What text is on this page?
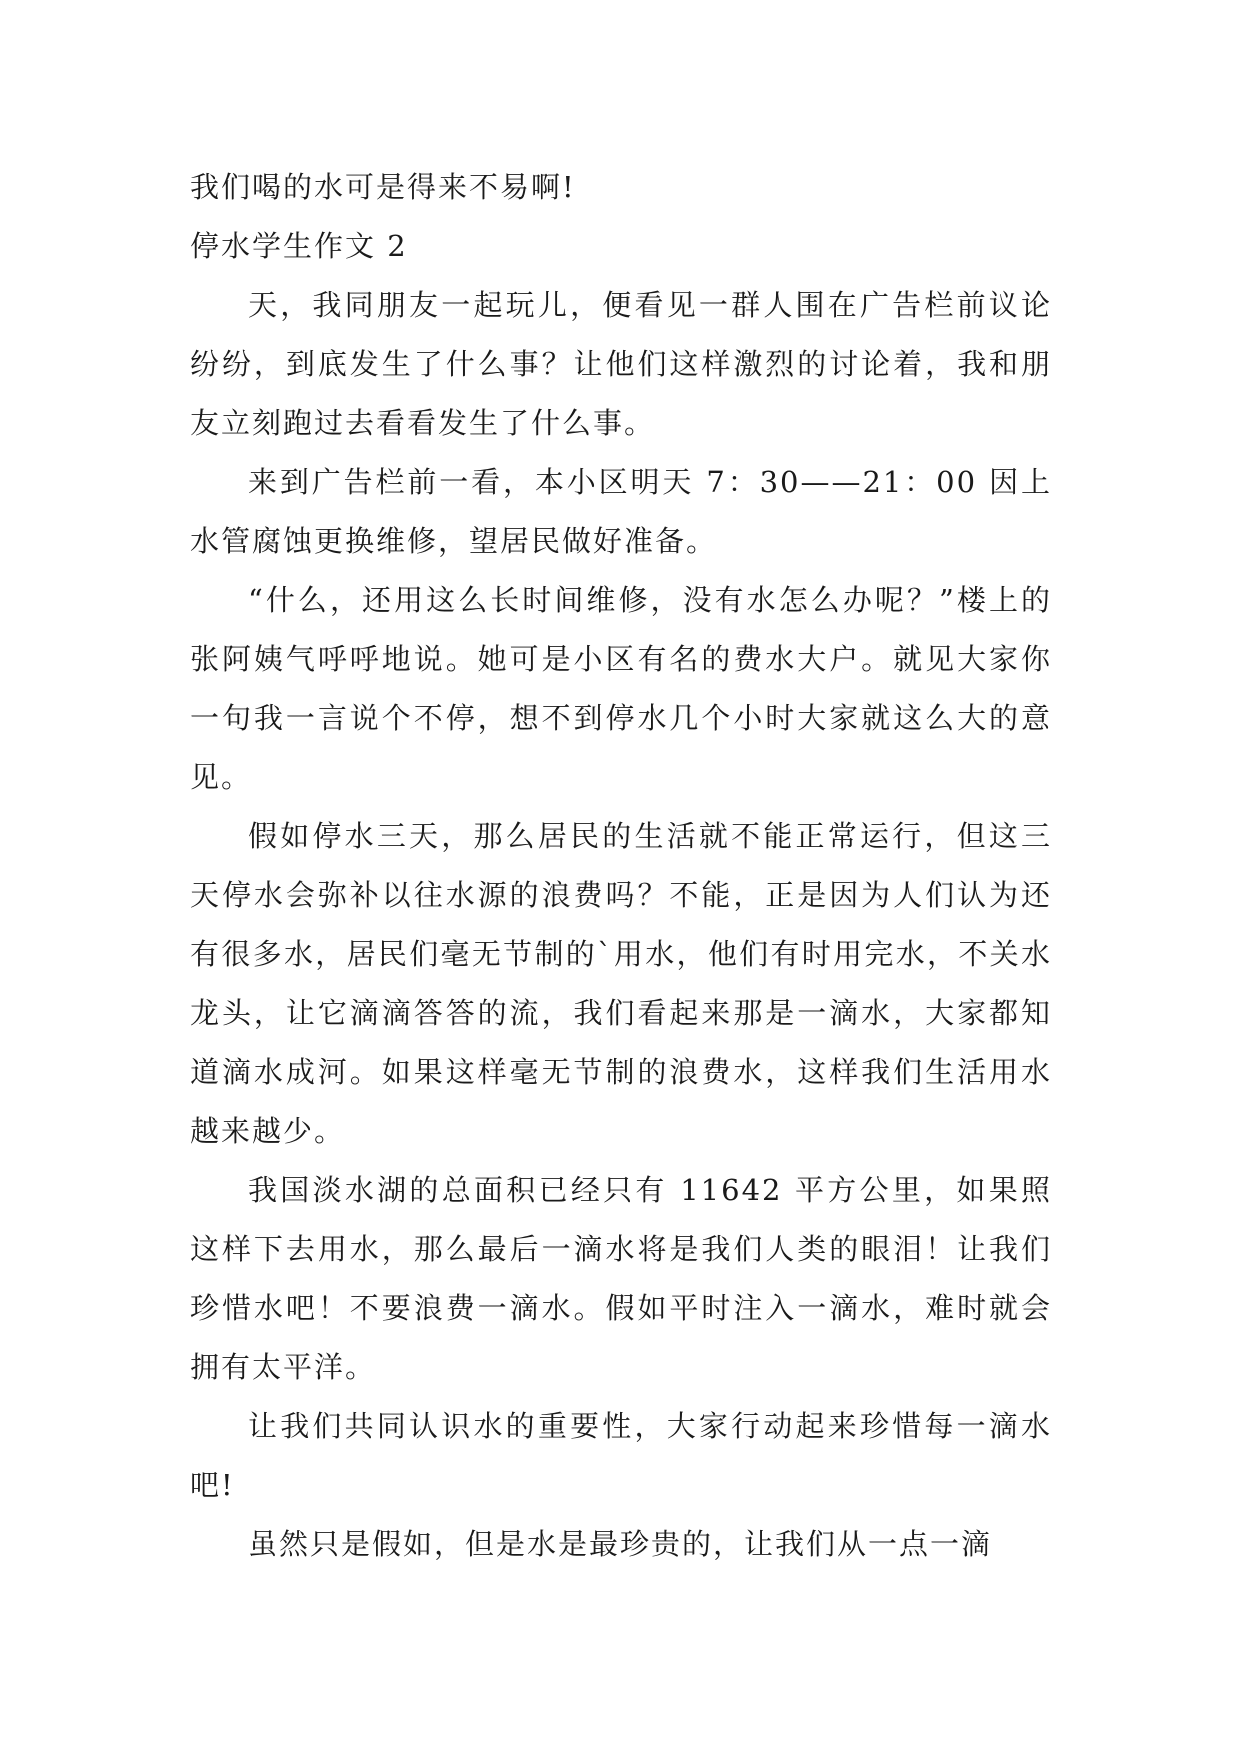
我们喝的水可是得来不易啊!

停水学生作文 2

天，我同朋友一起玩儿，便看见一群人围在广告栏前议论纷纷，到底发生了什么事？让他们这样激烈的讨论着，我和朋友立刻跑过去看看发生了什么事。

来到广告栏前一看，本小区明天 7：30——21：00 因上水管腐蚀更换维修，望居民做好准备。

“什么，还用这么长时间维修，没有水怎么办呢？”楼上的张阿姨气呼呼地说。她可是小区有名的费水大户。就见大家你一句我一言说个不停，想不到停水几个小时大家就这么大的意见。

假如停水三天，那么居民的生活就不能正常运行，但这三天停水会弥补以往水源的浪费吗？不能，正是因为人们认为还有很多水，居民们毫无节制的`用水，他们有时用完水，不关水龙头，让它滴滴答答的流，我们看起来那是一滴水，大家都知道滴水成河。如果这样毫无节制的浪费水，这样我们生活用水越来越少。

我国淡水湖的总面积已经只有 11642 平方公里，如果照这样下去用水，那么最后一滴水将是我们人类的眼泪！让我们珍惜水吧！不要浪费一滴水。假如平时注入一滴水，难时就会拥有太平洋。

让我们共同认识水的重要性，大家行动起来珍惜每一滴水吧!

虽然只是假如，但是水是最珍贵的，让我们从一点一滴
